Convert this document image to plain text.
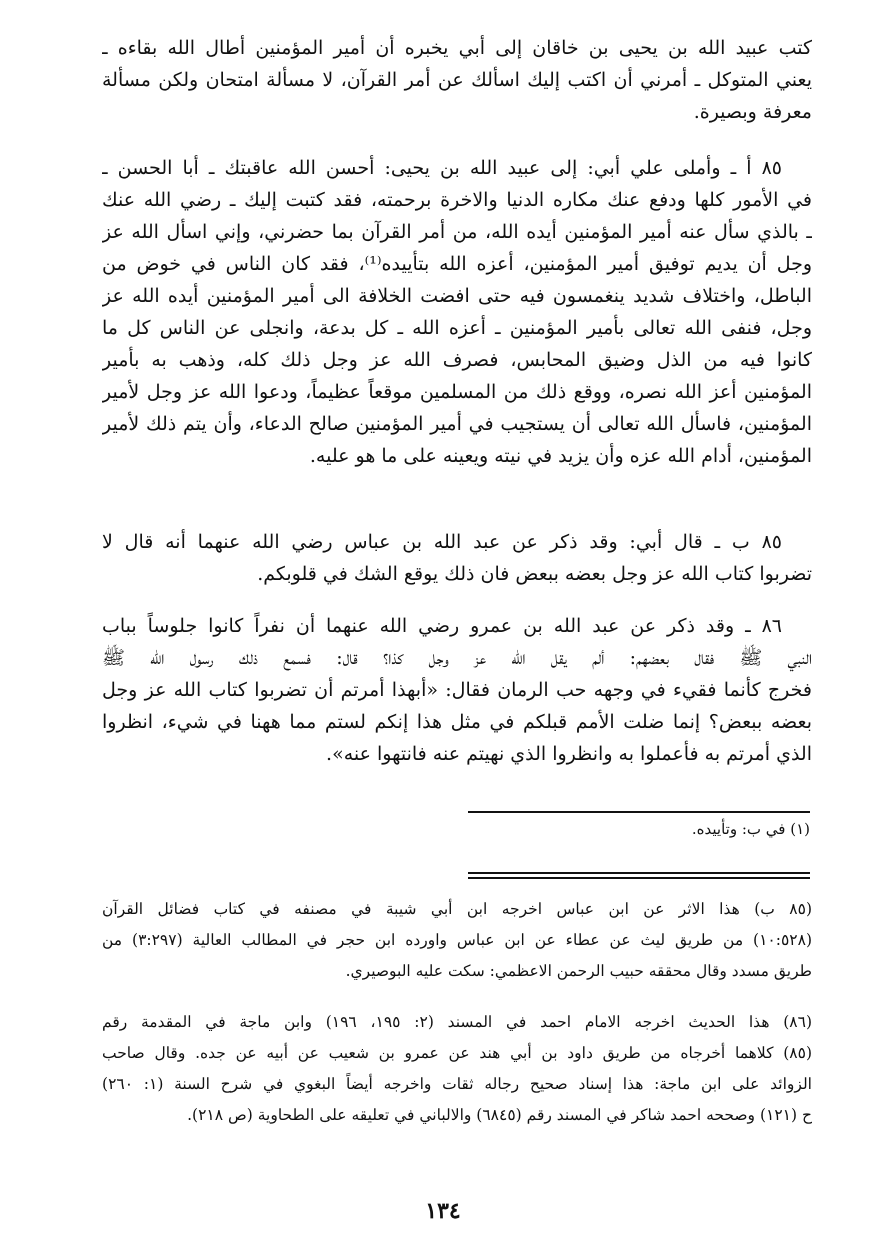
كتب عبيد الله بن يحيى بن خاقان إلى أبي يخبره أن أمير المؤمنين أطال الله بقاءه ـ
يعني المتوكل ـ أمرني أن اكتب إليك اسألك عن أمر القرآن، لا مسألة امتحان ولكن مسألة
معرفة وبصيرة.
٨٥ أ ـ وأملى علي أبي: إلى عبيد الله بن يحيى: أحسن الله عاقبتك ـ أبا الحسن ـ
في الأمور كلها ودفع عنك مكاره الدنيا والاخرة برحمته، فقد كتبت إليك ـ رضي الله عنك
ـ بالذي سأل عنه أمير المؤمنين أيده الله، من أمر القرآن بما حضرني، وإني اسأل الله عز
وجل أن يديم توفيق أمير المؤمنين، أعزه الله بتأييده⁽¹⁾، فقد كان الناس في خوض من
الباطل، واختلاف شديد ينغمسون فيه حتى افضت الخلافة الى أمير المؤمنين أيده الله عز
وجل، فنفى الله تعالى بأمير المؤمنين ـ أعزه الله ـ كل بدعة، وانجلى عن الناس كل ما
كانوا فيه من الذل وضيق المحابس، فصرف الله عز وجل ذلك كله، وذهب به بأمير
المؤمنين أعز الله نصره، ووقع ذلك من المسلمين موقعاً عظيماً، ودعوا الله عز وجل لأمير
المؤمنين، فاسأل الله تعالى أن يستجيب في أمير المؤمنين صالح الدعاء، وأن يتم ذلك لأمير
المؤمنين، أدام الله عزه وأن يزيد في نيته ويعينه على ما هو عليه.
٨٥ ب ـ قال أبي: وقد ذكر عن عبد الله بن عباس رضي الله عنهما أنه قال لا
تضربوا كتاب الله عز وجل بعضه ببعض فان ذلك يوقع الشك في قلوبكم.
٨٦ ـ وقد ذكر عن عبد الله بن عمرو رضي الله عنهما أن نفراً كانوا جلوساً بباب
النبي ﷺ فقال بعضهم: ألم يقل الله عز وجل كذا؟ قال: فسمع ذلك رسول الله ﷺ
فخرج كأنما فقيء في وجهه حب الرمان فقال: «أبهذا أمرتم أن تضربوا كتاب الله عز وجل
بعضه ببعض؟ إنما ضلت الأمم قبلكم في مثل هذا إنكم لستم مما ههنا في شيء، انظروا
الذي أمرتم به فأعملوا به وانظروا الذي نهيتم عنه فانتهوا عنه».
(١) في ب: وتأييده.
(٨٥ ب) هذا الاثر عن ابن عباس اخرجه ابن أبي شيبة في مصنفه في كتاب فضائل القرآن
(١٠:٥٢٨) من طريق ليث عن عطاء عن ابن عباس واورده ابن حجر في المطالب العالية (٣:٢٩٧) من
طريق مسدد وقال محققه حبيب الرحمن الاعظمي: سكت عليه البوصيري.
(٨٦) هذا الحديث اخرجه الامام احمد في المسند (٢: ١٩٥، ١٩٦) وابن ماجة في المقدمة رقم
(٨٥) كلاهما أخرجاه من طريق داود بن أبي هند عن عمرو بن شعيب عن أبيه عن جده. وقال صاحب
الزوائد على ابن ماجة: هذا إسناد صحيح رجاله ثقات واخرجه أيضاً البغوي في شرح السنة (١: ٢٦٠)
ح (١٢١) وصححه احمد شاكر في المسند رقم (٦٨٤٥) والالباني في تعليقه على الطحاوية (ص ٢١٨).
١٣٤
